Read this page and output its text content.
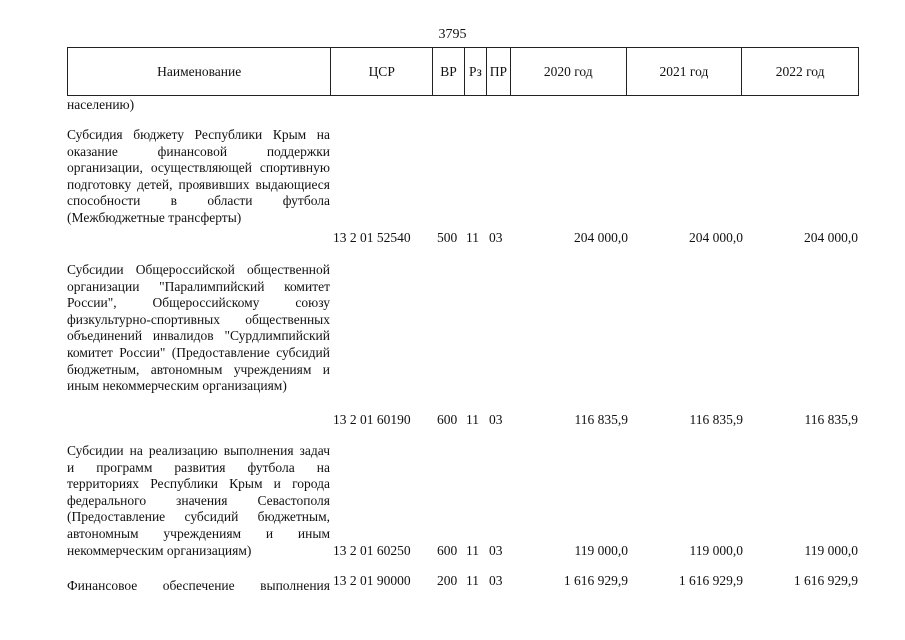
3795
Наименование	ЦСР	ВР Рз ПР	2020 год	2021 год	2022 год
населению)
Субсидия бюджету Республики Крым на оказание финансовой поддержки организации, осуществляющей спортивную подготовку детей, проявивших выдающиеся способности в области футбола (Межбюджетные трансферты)
13 2 01 52540 500 11 03	204 000,0	204 000,0	204 000,0
Субсидии Общероссийской общественной организации "Паралимпийский комитет России", Общероссийскому союзу физкультурно-спортивных общественных объединений инвалидов "Сурдлимпийский комитет России" (Предоставление субсидий бюджетным, автономным учреждениям и иным некоммерческим организациям)
13 2 01 60190 600 11 03	116 835,9	116 835,9	116 835,9
Субсидии на реализацию выполнения задач и программ развития футбола на территориях Республики Крым и города федерального значения Севастополя (Предоставление субсидий бюджетным, автономным учреждениям и иным некоммерческим организациям)	13 2 01 60250 600 11 03	119 000,0	119 000,0	119 000,0
Финансовое обеспечение выполнения 13 2 01 90000 200 11 03	1 616 929,9	1 616 929,9	1 616 929,9
